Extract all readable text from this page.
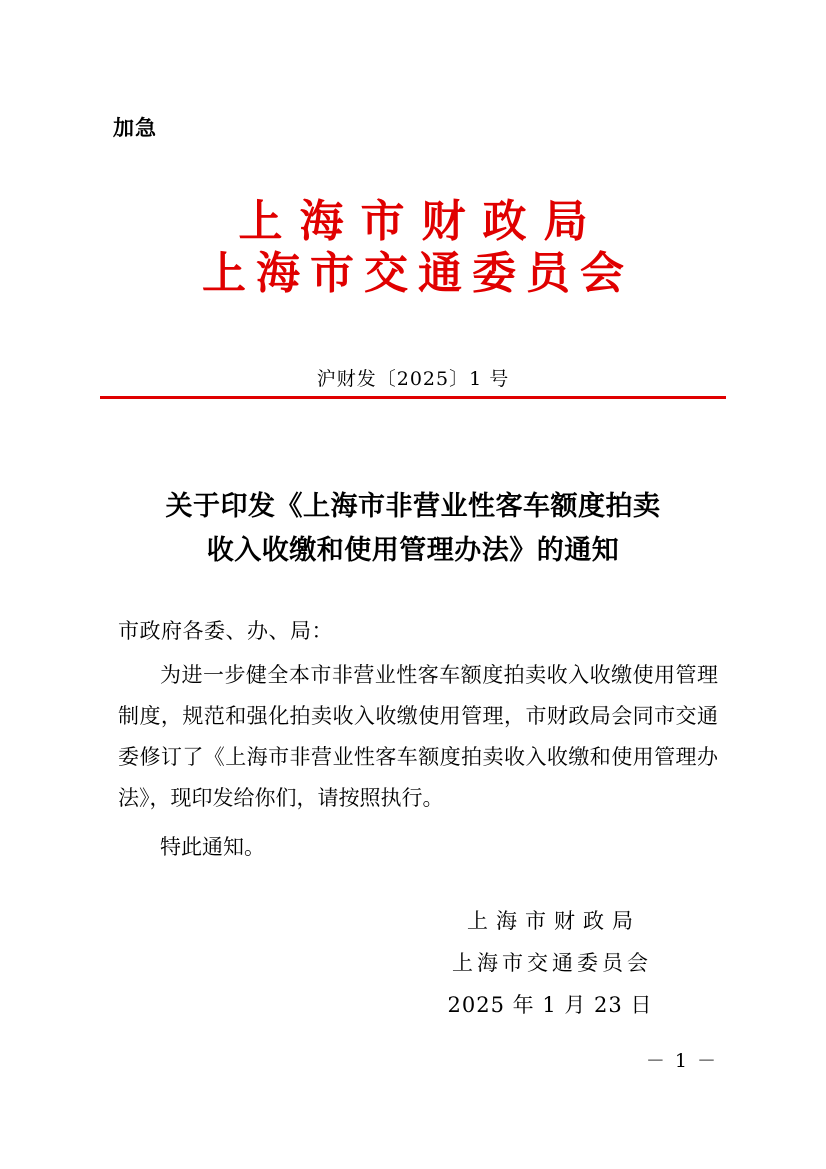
加急
上海市财政局 上海市交通委员会
沪财发〔2025〕1 号
关于印发《上海市非营业性客车额度拍卖
收入收缴和使用管理办法》的通知
市政府各委、办、局：

为进一步健全本市非营业性客车额度拍卖收入收缴使用管理制度，规范和强化拍卖收入收缴使用管理，市财政局会同市交通委修订了《上海市非营业性客车额度拍卖收入收缴和使用管理办法》，现印发给你们，请按照执行。

特此通知。

上海市财政局
上海市交通委员会
2025 年 1 月 23 日
－ 1 －
